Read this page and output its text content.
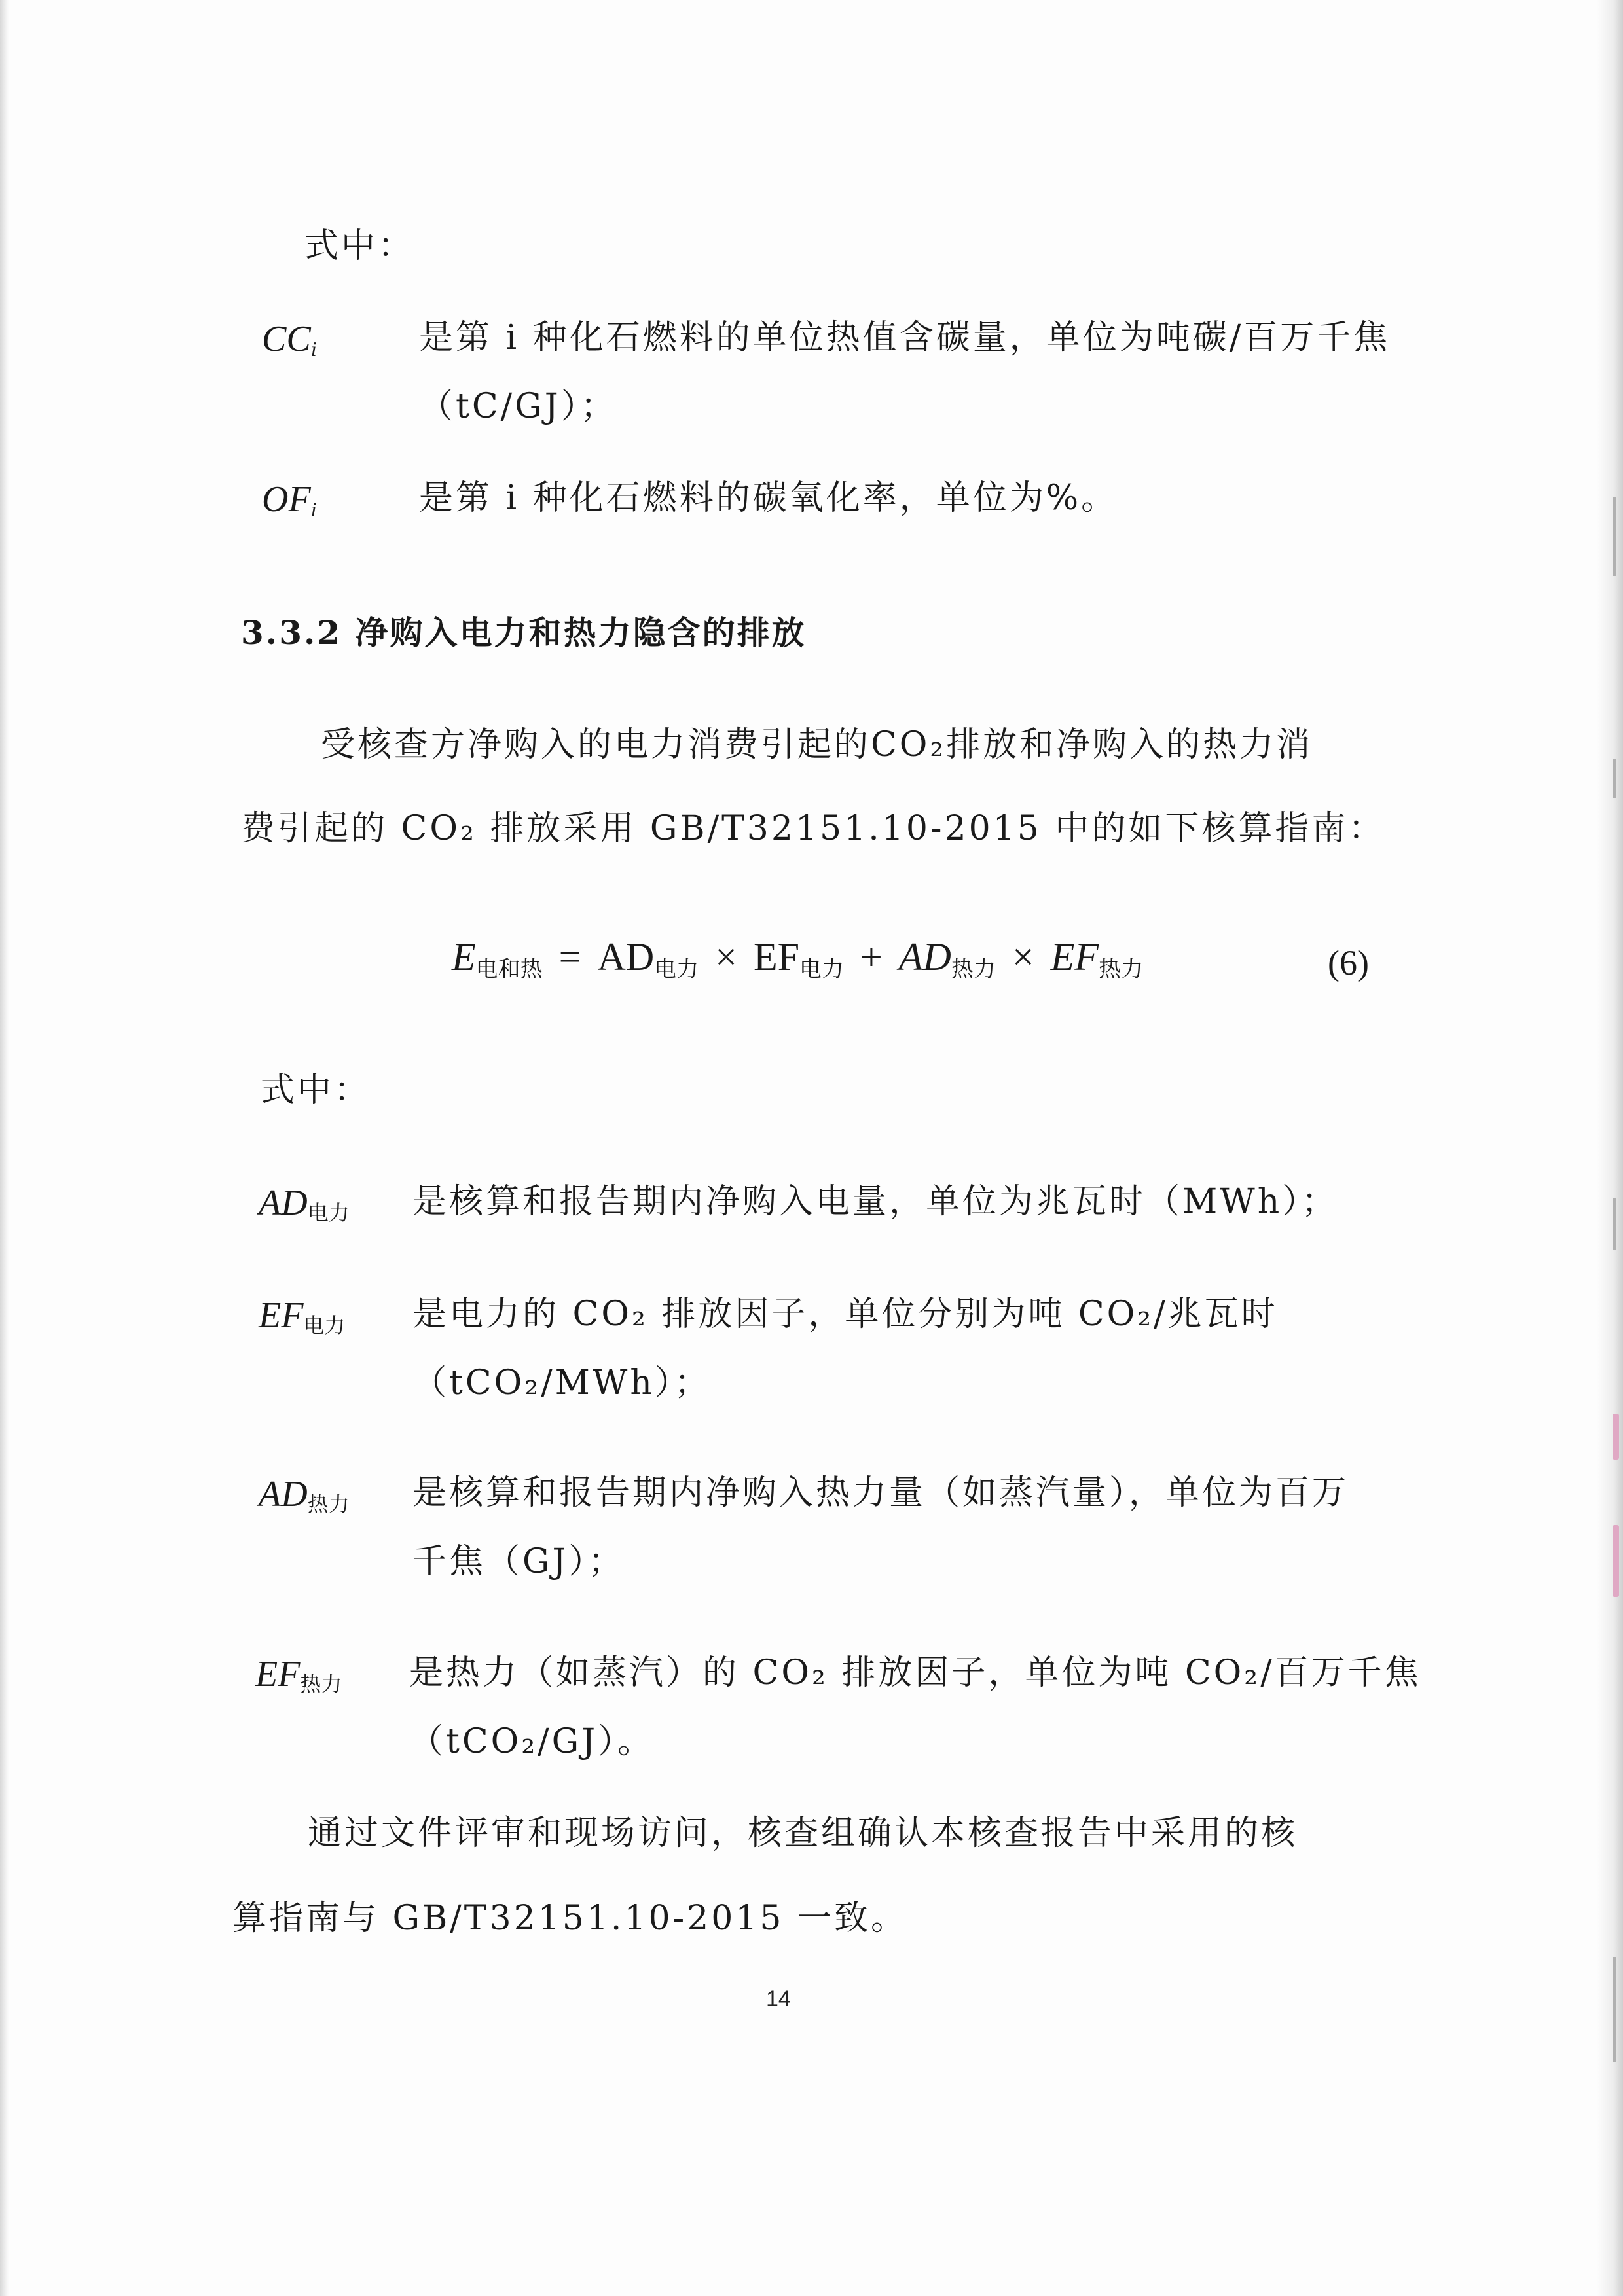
式中：
$CC_i$	是第 i 种化石燃料的单位热值含碳量，单位为吨碳/百万千焦
（tC/GJ）；
$OF_i$	是第 i 种化石燃料的碳氧化率，单位为%。
3.3.2 净购入电力和热力隐含的排放
受核查方净购入的电力消费引起的CO₂排放和净购入的热力消
费引起的 CO₂ 排放采用 GB/T32151.10-2015 中的如下核算指南：
$E_{电和热} = AD_{电力} \times EF_{电力} + AD_{热力} \times EF_{热力}$	(6)
式中：
$AD_{电力}$ 是核算和报告期内净购入电量，单位为兆瓦时（MWh）；
$EF_{电力}$ 是电力的 CO₂ 排放因子，单位分别为吨 CO₂/兆瓦时
（tCO₂/MWh）；
$AD_{热力}$ 是核算和报告期内净购入热力量（如蒸汽量），单位为百万
千焦（GJ）；
$EF_{热力}$ 是热力（如蒸汽）的 CO₂ 排放因子，单位为吨 CO₂/百万千焦
（tCO₂/GJ）。
通过文件评审和现场访问，核查组确认本核查报告中采用的核
算指南与 GB/T32151.10-2015 一致。
14
